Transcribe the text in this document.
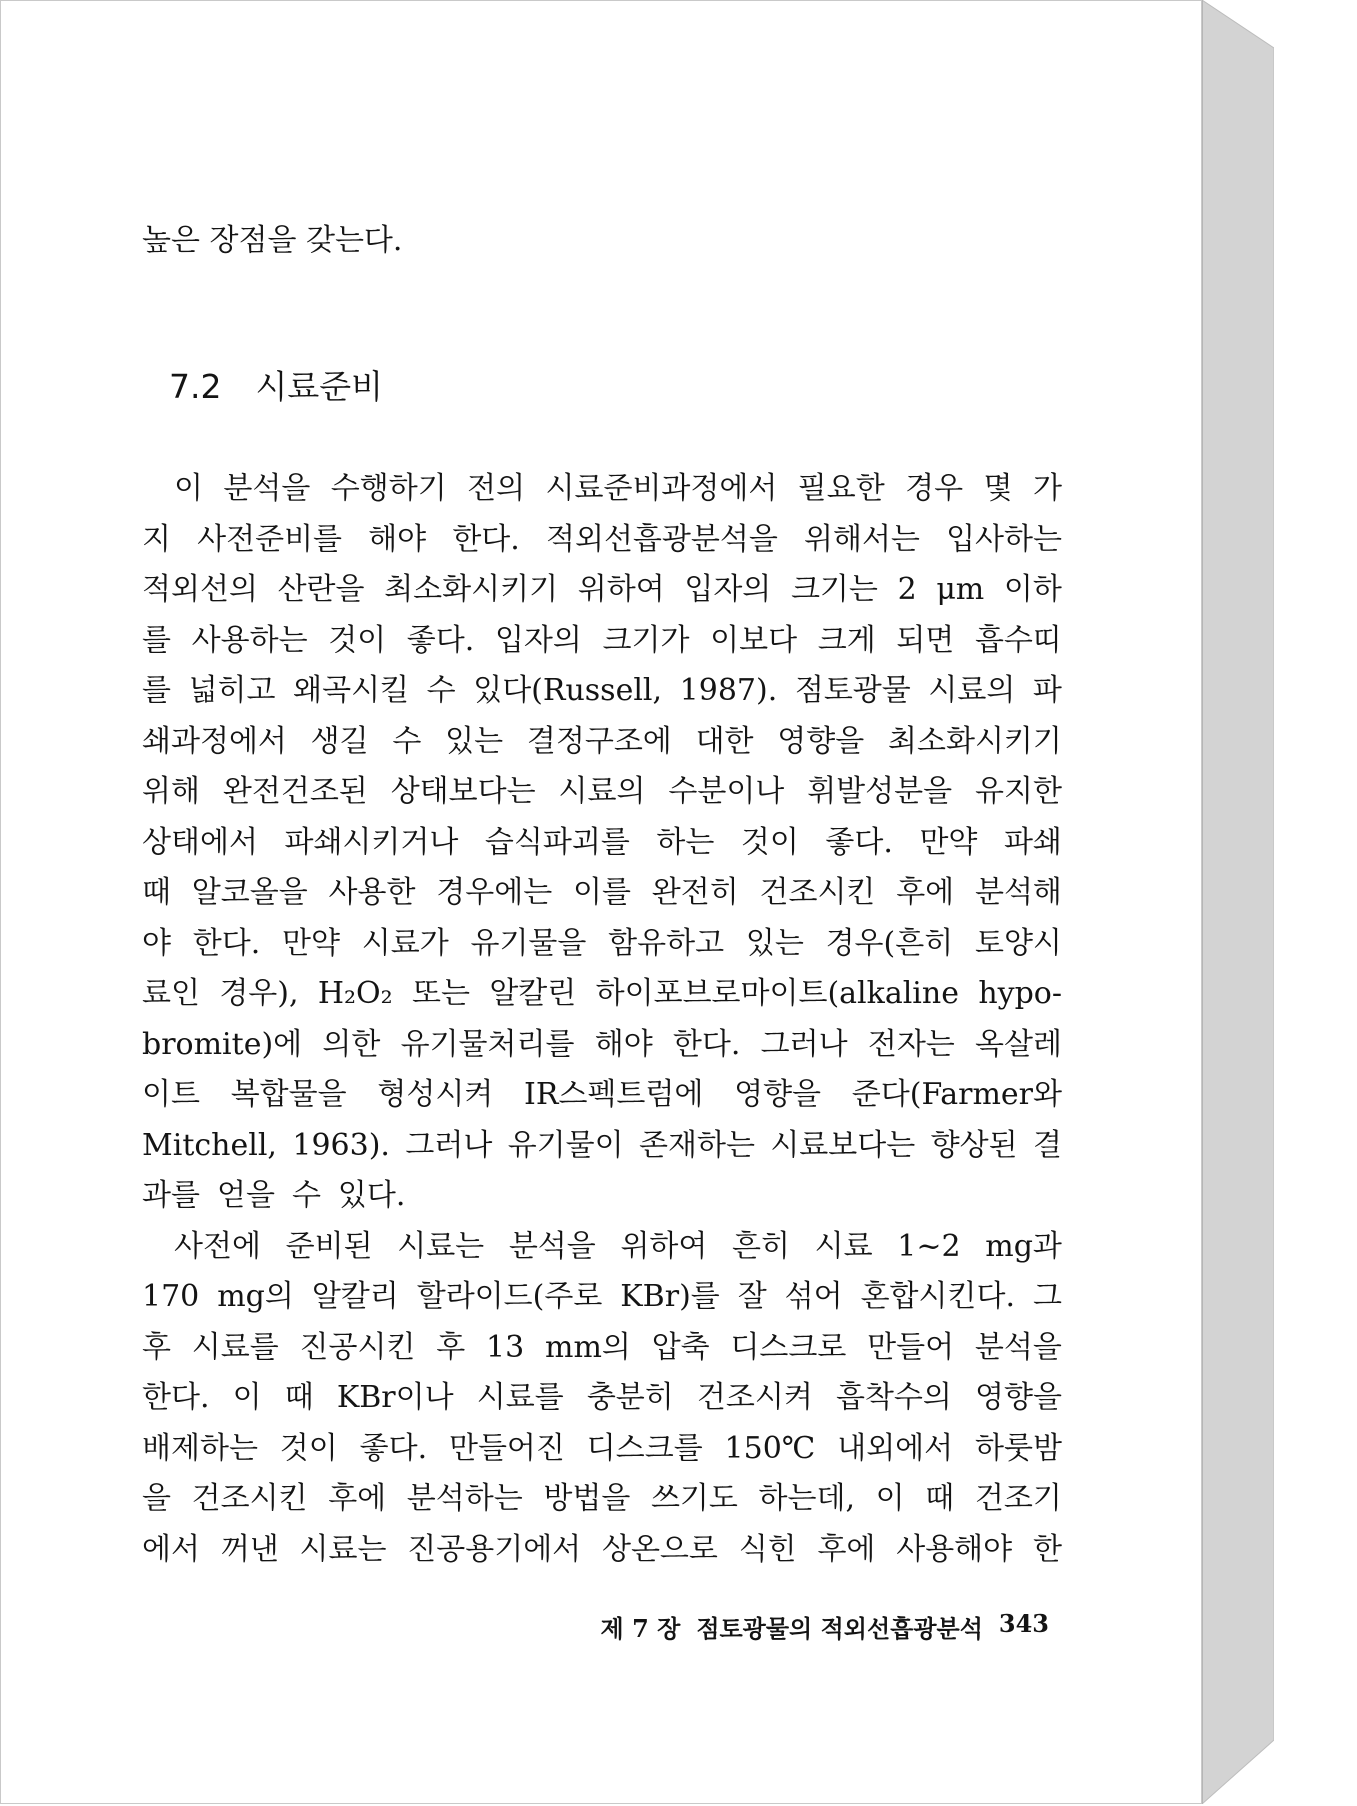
높은 장점을 갖는다.
7.2 시료준비
이 분석을 수행하기 전의 시료준비과정에서 필요한 경우 몇 가
지 사전준비를 해야 한다. 적외선흡광분석을 위해서는 입사하는
적외선의 산란을 최소화시키기 위하여 입자의 크기는 2 μm 이하
를 사용하는 것이 좋다. 입자의 크기가 이보다 크게 되면 흡수띠
를 넓히고 왜곡시킬 수 있다(Russell, 1987). 점토광물 시료의 파
쇄과정에서 생길 수 있는 결정구조에 대한 영향을 최소화시키기
위해 완전건조된 상태보다는 시료의 수분이나 휘발성분을 유지한
상태에서 파쇄시키거나 습식파괴를 하는 것이 좋다. 만약 파쇄
때 알코올을 사용한 경우에는 이를 완전히 건조시킨 후에 분석해
야 한다. 만약 시료가 유기물을 함유하고 있는 경우(흔히 토양시
료인 경우), H₂O₂ 또는 알칼린 하이포브로마이트(alkaline hypo-
bromite)에 의한 유기물처리를 해야 한다. 그러나 전자는 옥살레
이트 복합물을 형성시켜 IR스펙트럼에 영향을 준다(Farmer와
Mitchell, 1963). 그러나 유기물이 존재하는 시료보다는 향상된 결
과를 얻을 수 있다.
사전에 준비된 시료는 분석을 위하여 흔히 시료 1~2 mg과
170 mg의 알칼리 할라이드(주로 KBr)를 잘 섞어 혼합시킨다. 그
후 시료를 진공시킨 후 13 mm의 압축 디스크로 만들어 분석을
한다. 이 때 KBr이나 시료를 충분히 건조시켜 흡착수의 영향을
배제하는 것이 좋다. 만들어진 디스크를 150℃ 내외에서 하룻밤
을 건조시킨 후에 분석하는 방법을 쓰기도 하는데, 이 때 건조기
에서 꺼낸 시료는 진공용기에서 상온으로 식힌 후에 사용해야 한
제 7 장 점토광물의 적외선흡광분석 343
